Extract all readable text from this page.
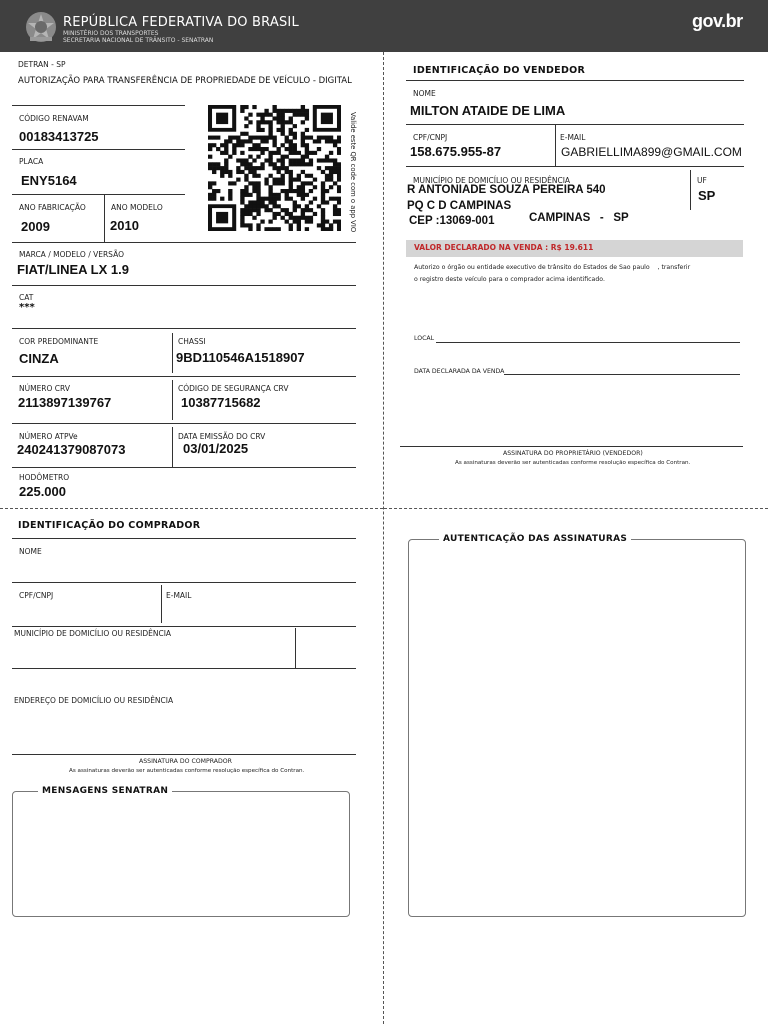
REPÚBLICA FEDERATIVA DO BRASIL
MINISTÉRIO DOS TRANSPORTES
SECRETARIA NACIONAL DE TRÂNSITO - SENATRAN
gov.br
DETRAN - SP
AUTORIZAÇÃO PARA TRANSFERÊNCIA DE PROPRIEDADE DE VEÍCULO - DIGITAL
CÓDIGO RENAVAM
00183413725
PLACA
ENY5164
ANO FABRICAÇÃO
2009
ANO MODELO
2010	Valide este QR code com o app VIO
MARCA / MODELO / VERSÃO
FIAT/LINEA LX 1.9
CAT
***
COR PREDOMINANTE
CINZA
CHASSI
9BD110546A1518907
NÚMERO CRV
2113897139767
CÓDIGO DE SEGURANÇA CRV
10387715682
NÚMERO ATPVe
240241379087073
DATA EMISSÃO DO CRV
03/01/2025
HODÔMETRO
225.000
IDENTIFICAÇÃO DO VENDEDOR
NOME
MILTON ATAIDE DE LIMA
CPF/CNPJ
158.675.955-87
E-MAIL
GABRIELLIMA899@GMAIL.COM
MUNICÍPIO DE DOMICÍLIO OU RESIDÊNCIA
R ANTONIADE SOUZA PEREIRA 540
PQ C D CAMPINAS
CEP :13069-001	CAMPINAS   -   SP
UF
SP
VALOR DECLARADO NA VENDA : R$ 19.611
Autorizo o órgão ou entidade executivo de trânsito do Estados de Sao paulo    , transferir
o registro deste veículo para o comprador acima identificado.
LOCAL
DATA DECLARADA DA VENDA
ASSINATURA DO PROPRIETÁRIO (VENDEDOR)
As assinaturas deverão ser autenticadas conforme resolução específica do Contran.
IDENTIFICAÇÃO DO COMPRADOR
NOME
CPF/CNPJ	E-MAIL
MUNICÍPIO DE DOMICÍLIO OU RESIDÊNCIA
ENDEREÇO DE DOMICÍLIO OU RESIDÊNCIA
ASSINATURA DO COMPRADOR
As assinaturas deverão ser autenticadas conforme resolução específica do Contran.
MENSAGENS SENATRAN
AUTENTICAÇÃO DAS ASSINATURAS
